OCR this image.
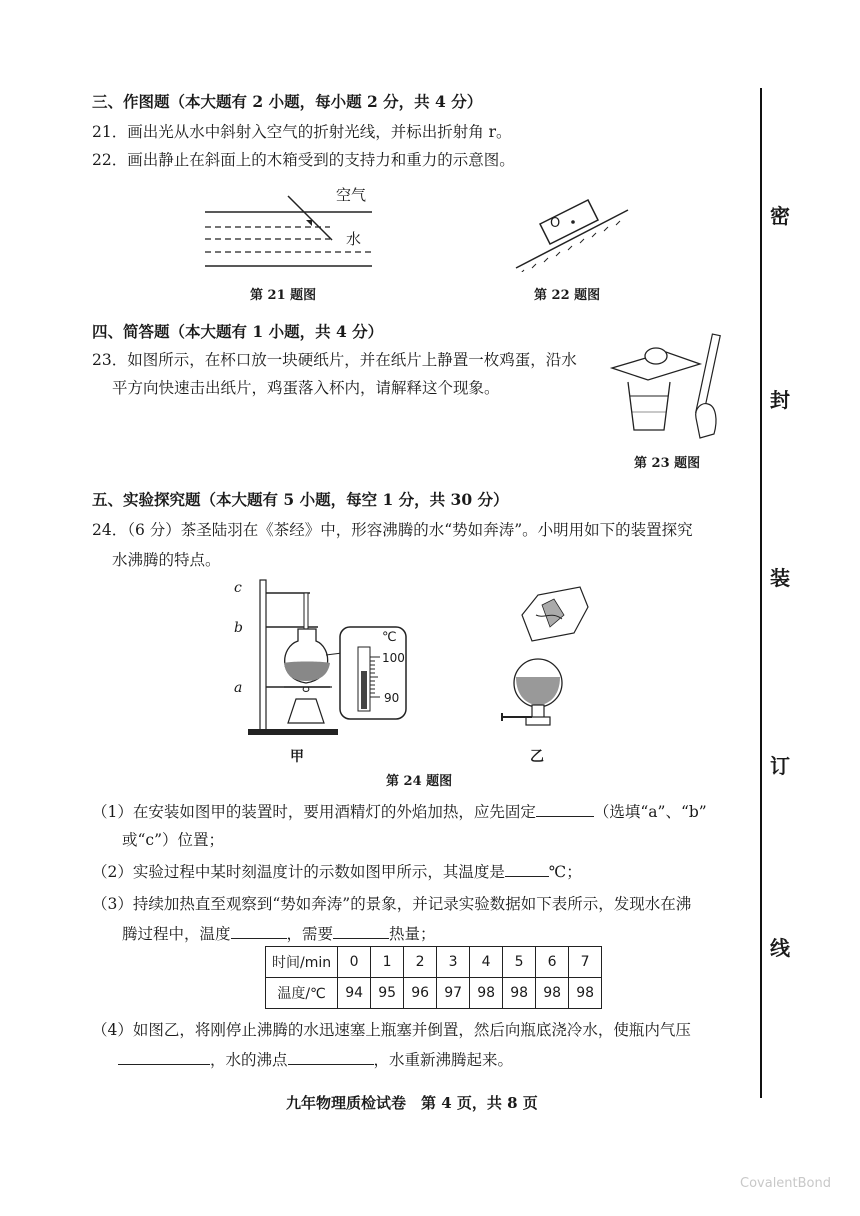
三、作图题（本大题有 2 小题，每小题 2 分，共 4 分）
21．画出光从水中斜射入空气的折射光线，并标出折射角 r。
22．画出静止在斜面上的木箱受到的支持力和重力的示意图。
空气
水
第 21 题图
O
第 22 题图
四、简答题（本大题有 1 小题，共 4 分）
23．如图所示，在杯口放一块硬纸片，并在纸片上静置一枚鸡蛋，沿水
平方向快速击出纸片，鸡蛋落入杯内，请解释这个现象。
第 23 题图
五、实验探究题（本大题有 5 小题，每空 1 分，共 30 分）
24．（6 分）茶圣陆羽在《茶经》中，形容沸腾的水“势如奔涛”。小明用如下的装置探究
水沸腾的特点。
c
b
a
℃
100
90
甲	乙
第 24 题图
（1）在安装如图甲的装置时，要用酒精灯的外焰加热，应先固定	（选填“a”、“b”
或“c”）位置；
（2）实验过程中某时刻温度计的示数如图甲所示，其温度是	℃；
（3）持续加热直至观察到“势如奔涛”的景象，并记录实验数据如下表所示，发现水在沸
腾过程中，温度	，需要	热量；
时间/min	0	1	2	3	4	5	6	7
温度/℃	94	95	96	97	98	98	98	98
（4）如图乙，将刚停止沸腾的水迅速塞上瓶塞并倒置，然后向瓶底浇冷水，使瓶内气压
，水的沸点	，水重新沸腾起来。
九年物理质检试卷　第 4 页，共 8 页
密
封
装
订
线
CovalentBond
